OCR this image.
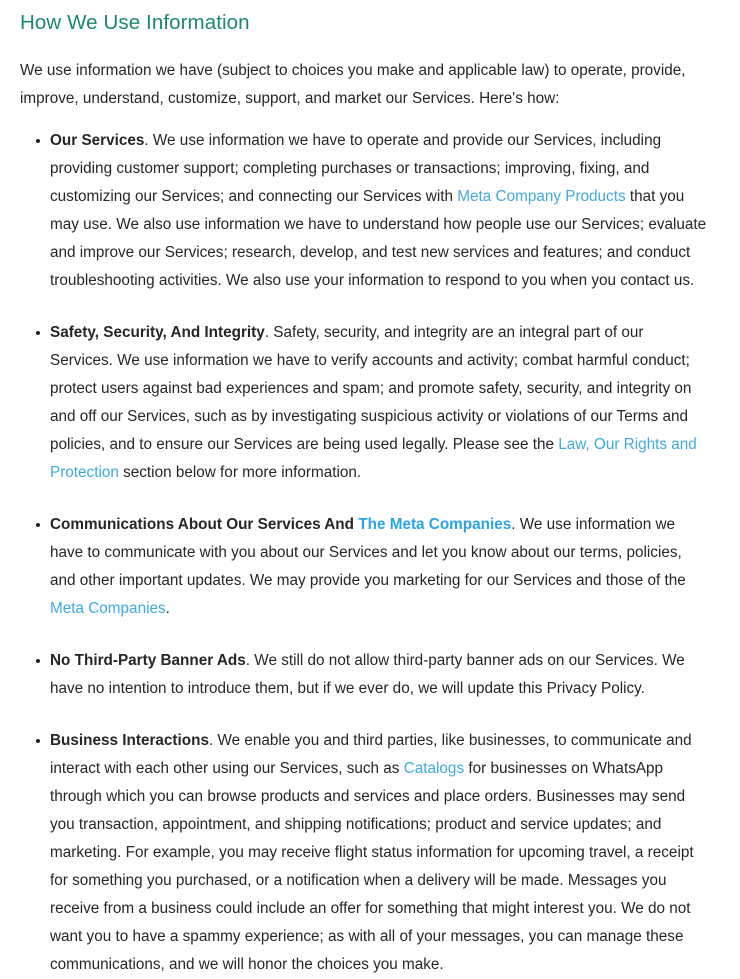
How We Use Information

We use information we have (subject to choices you make and applicable law) to operate, provide, improve, understand, customize, support, and market our Services. Here's how:

Our Services. We use information we have to operate and provide our Services, including providing customer support; completing purchases or transactions; improving, fixing, and customizing our Services; and connecting our Services with Meta Company Products that you may use. We also use information we have to understand how people use our Services; evaluate and improve our Services; research, develop, and test new services and features; and conduct troubleshooting activities. We also use your information to respond to you when you contact us.
Safety, Security, And Integrity. Safety, security, and integrity are an integral part of our Services. We use information we have to verify accounts and activity; combat harmful conduct; protect users against bad experiences and spam; and promote safety, security, and integrity on and off our Services, such as by investigating suspicious activity or violations of our Terms and policies, and to ensure our Services are being used legally. Please see the Law, Our Rights and Protection section below for more information.
Communications About Our Services And The Meta Companies. We use information we have to communicate with you about our Services and let you know about our terms, policies, and other important updates. We may provide you marketing for our Services and those of the Meta Companies.
No Third-Party Banner Ads. We still do not allow third-party banner ads on our Services. We have no intention to introduce them, but if we ever do, we will update this Privacy Policy.
Business Interactions. We enable you and third parties, like businesses, to communicate and interact with each other using our Services, such as Catalogs for businesses on WhatsApp through which you can browse products and services and place orders. Businesses may send you transaction, appointment, and shipping notifications; product and service updates; and marketing. For example, you may receive flight status information for upcoming travel, a receipt for something you purchased, or a notification when a delivery will be made. Messages you receive from a business could include an offer for something that might interest you. We do not want you to have a spammy experience; as with all of your messages, you can manage these communications, and we will honor the choices you make.
